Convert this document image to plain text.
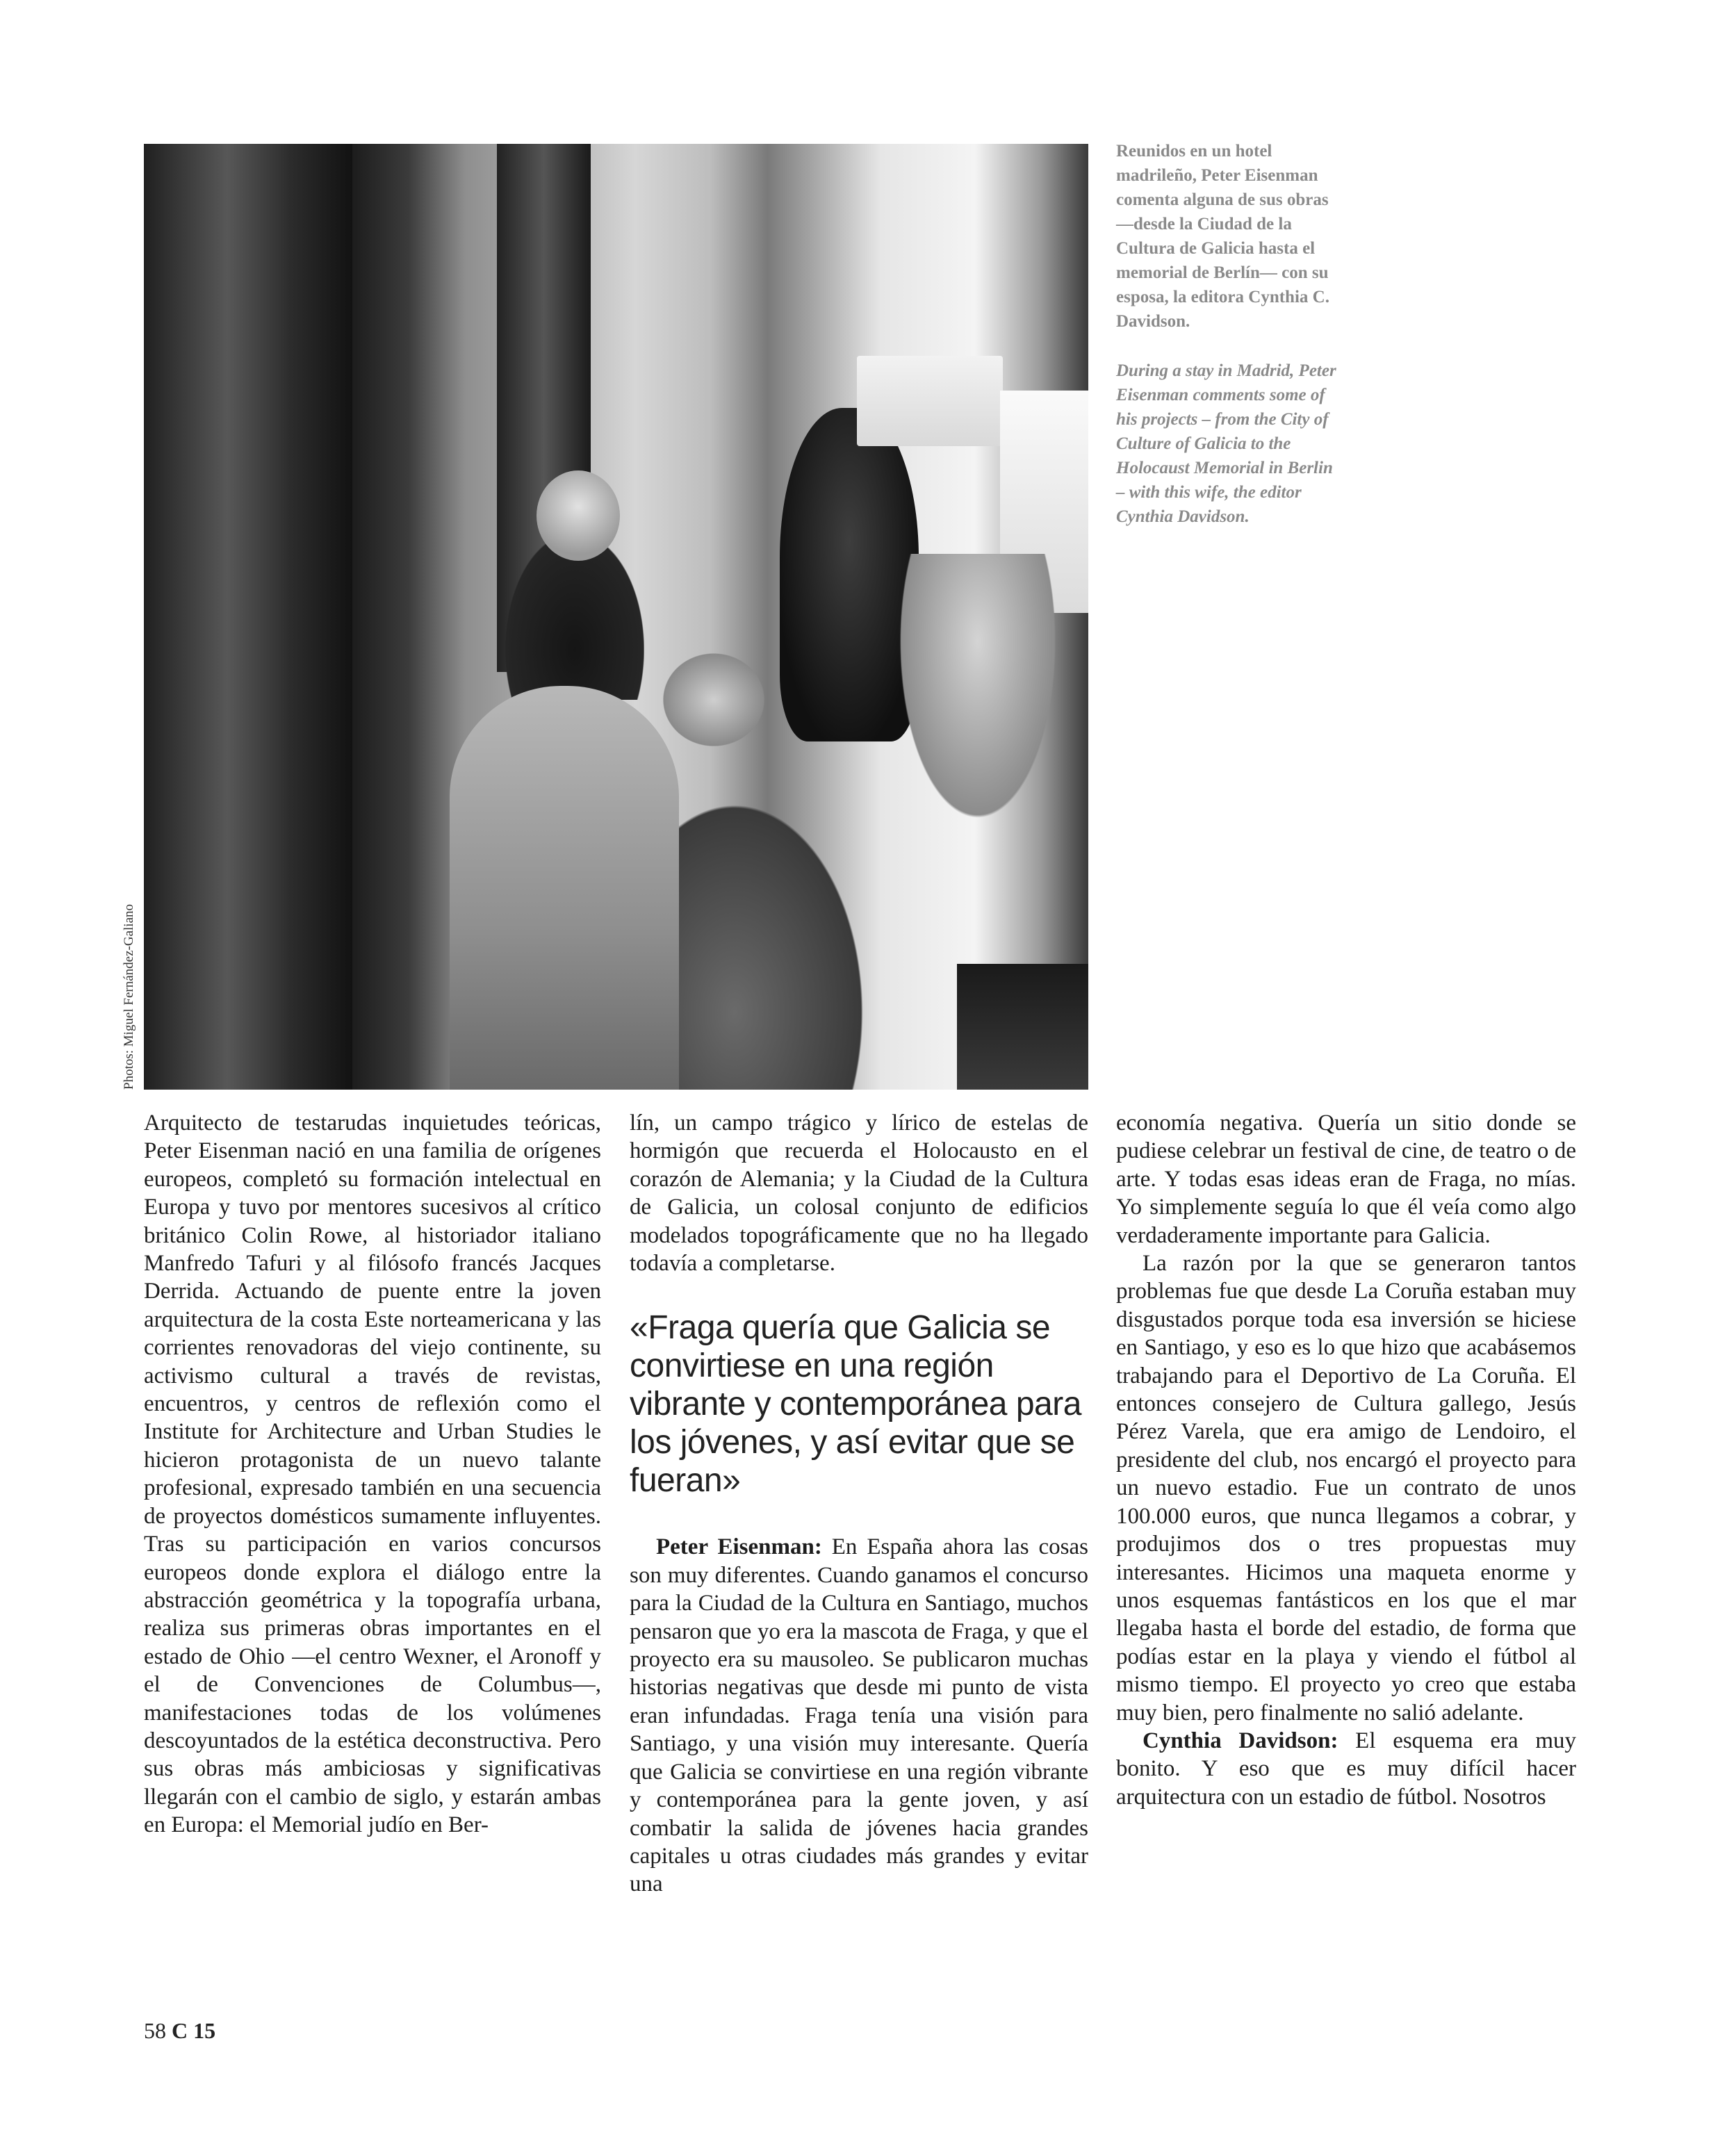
Photos: Miguel Fernández-Galiano

Reunidos en un hotel madrileño, Peter Eisenman comenta alguna de sus obras —desde la Ciudad de la Cultura de Galicia hasta el memorial de Berlín— con su esposa, la editora Cynthia C. Davidson.

During a stay in Madrid, Peter Eisenman comments some of his projects – from the City of Culture of Galicia to the Holocaust Memorial in Berlin – with this wife, the editor Cynthia Davidson.

Arquitecto de testarudas inquietudes teóricas, Peter Eisenman nació en una familia de orígenes europeos, completó su formación intelectual en Europa y tuvo por mentores sucesivos al crítico británico Colin Rowe, al historiador italiano Manfredo Tafuri y al filósofo francés Jacques Derrida. Actuando de puente entre la joven arquitectura de la costa Este norteamericana y las corrientes renovadoras del viejo continente, su activismo cultural a través de revistas, encuentros, y centros de reflexión como el Institute for Architecture and Urban Studies le hicieron protagonista de un nuevo talante profesional, expresado también en una secuencia de proyectos domésticos sumamente influyentes. Tras su participación en varios concursos europeos donde explora el diálogo entre la abstracción geométrica y la topografía urbana, realiza sus primeras obras importantes en el estado de Ohio —el centro Wexner, el Aronoff y el de Convenciones de Columbus—, manifestaciones todas de los volúmenes descoyuntados de la estética deconstructiva. Pero sus obras más ambiciosas y significativas llegarán con el cambio de siglo, y estarán ambas en Europa: el Memorial judío en Ber-

lín, un campo trágico y lírico de estelas de hormigón que recuerda el Holocausto en el corazón de Alemania; y la Ciudad de la Cultura de Galicia, un colosal conjunto de edificios modelados topográficamente que no ha llegado todavía a completarse.

«Fraga quería que Galicia se convirtiese en una región vibrante y contemporánea para los jóvenes, y así evitar que se fueran»

Peter Eisenman: En España ahora las cosas son muy diferentes. Cuando ganamos el concurso para la Ciudad de la Cultura en Santiago, muchos pensaron que yo era la mascota de Fraga, y que el proyecto era su mausoleo. Se publicaron muchas historias negativas que desde mi punto de vista eran infundadas. Fraga tenía una visión para Santiago, y una visión muy interesante. Quería que Galicia se convirtiese en una región vibrante y contemporánea para la gente joven, y así combatir la salida de jóvenes hacia grandes capitales u otras ciudades más grandes y evitar una

economía negativa. Quería un sitio donde se pudiese celebrar un festival de cine, de teatro o de arte. Y todas esas ideas eran de Fraga, no mías. Yo simplemente seguía lo que él veía como algo verdaderamente importante para Galicia.

La razón por la que se generaron tantos problemas fue que desde La Coruña estaban muy disgustados porque toda esa inversión se hiciese en Santiago, y eso es lo que hizo que acabásemos trabajando para el Deportivo de La Coruña. El entonces consejero de Cultura gallego, Jesús Pérez Varela, que era amigo de Lendoiro, el presidente del club, nos encargó el proyecto para un nuevo estadio. Fue un contrato de unos 100.000 euros, que nunca llegamos a cobrar, y produjimos dos o tres propuestas muy interesantes. Hicimos una maqueta enorme y unos esquemas fantásticos en los que el mar llegaba hasta el borde del estadio, de forma que podías estar en la playa y viendo el fútbol al mismo tiempo. El proyecto yo creo que estaba muy bien, pero finalmente no salió adelante.

Cynthia Davidson: El esquema era muy bonito. Y eso que es muy difícil hacer arquitectura con un estadio de fútbol. Nosotros

58 C 15
